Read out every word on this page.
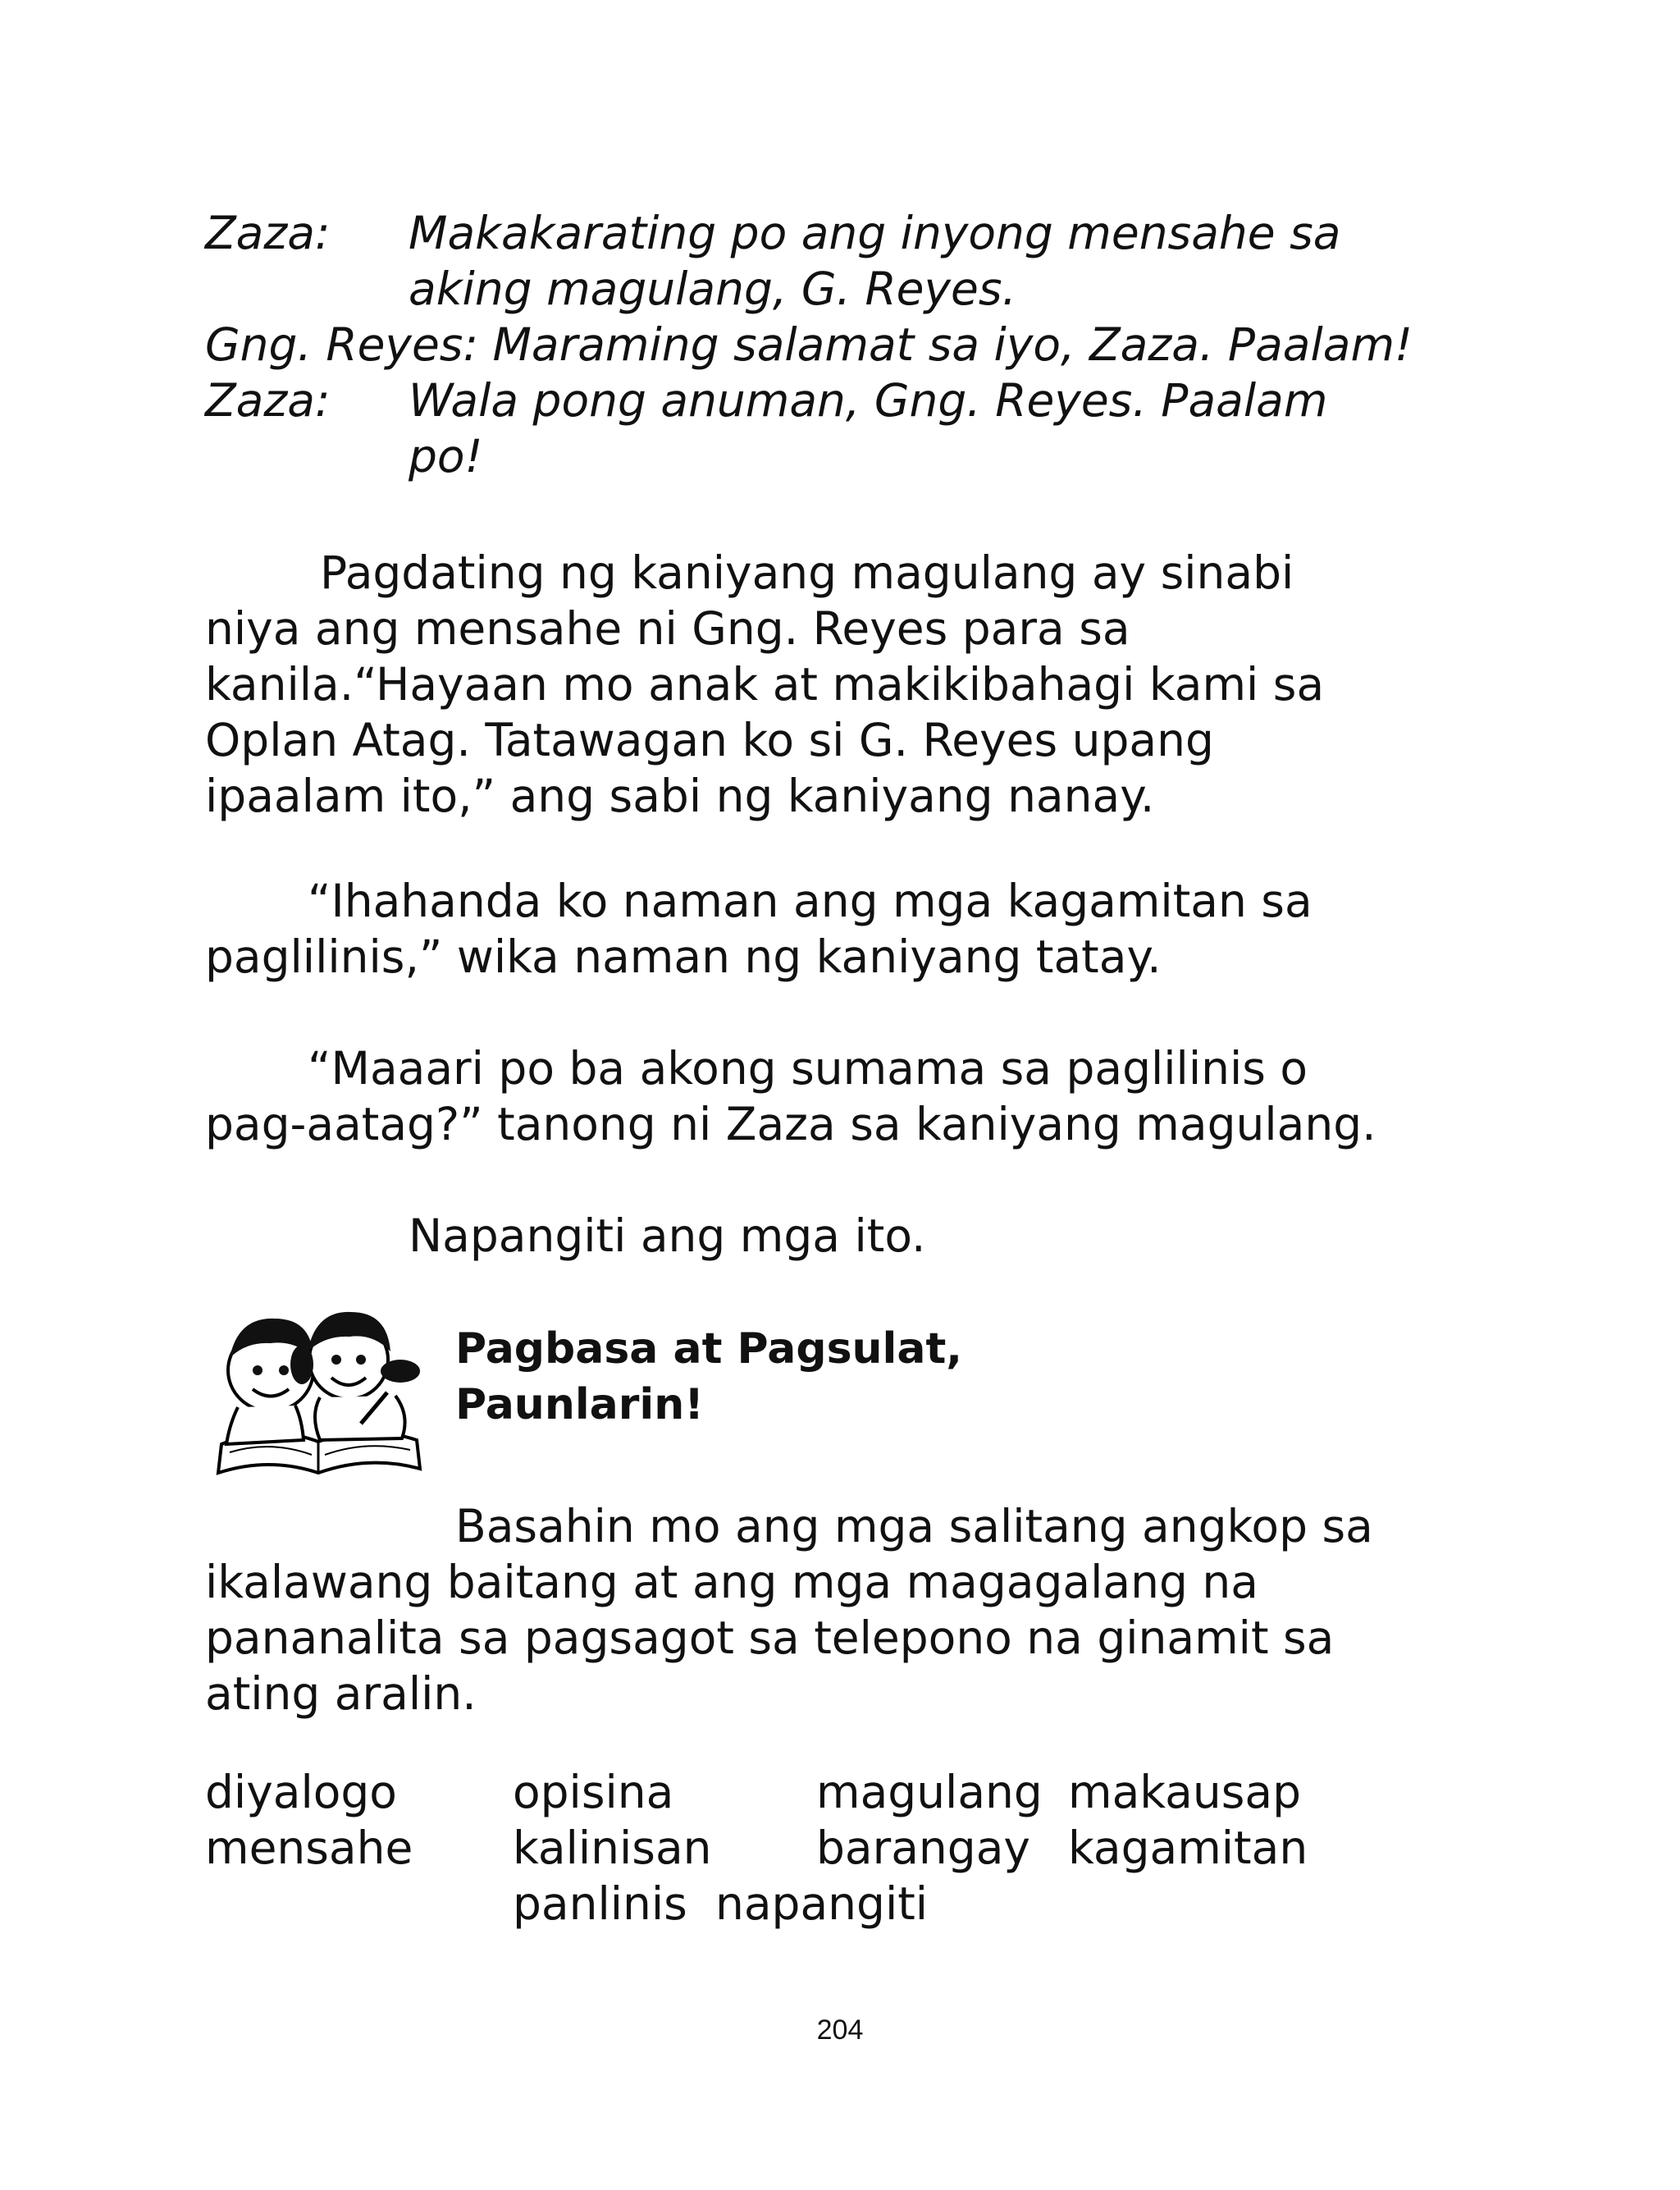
Zaza: Makakarating po ang inyong mensahe sa
aking magulang, G. Reyes.
Gng. Reyes: Maraming salamat sa iyo, Zaza. Paalam!
Zaza: Wala pong anuman, Gng. Reyes. Paalam
po!
Pagdating ng kaniyang magulang ay sinabi
niya ang mensahe ni Gng. Reyes para sa
kanila.“Hayaan mo anak at makikibahagi kami sa
Oplan Atag. Tatawagan ko si G. Reyes upang
ipaalam ito,” ang sabi ng kaniyang nanay.
“Ihahanda ko naman ang mga kagamitan sa
paglilinis,” wika naman ng kaniyang tatay.
“Maaari po ba akong sumama sa paglilinis o
pag-aatag?” tanong ni Zaza sa kaniyang magulang.
Napangiti ang mga ito.
Pagbasa at Pagsulat,
Paunlarin!
Basahin mo ang mga salitang angkop sa
ikalawang baitang at ang mga magagalang na
pananalita sa pagsagot sa telepono na ginamit sa
ating aralin.
diyalogo	opisina	magulang makausap
mensahe kalinisan barangay kagamitan
panlinis napangiti
204
